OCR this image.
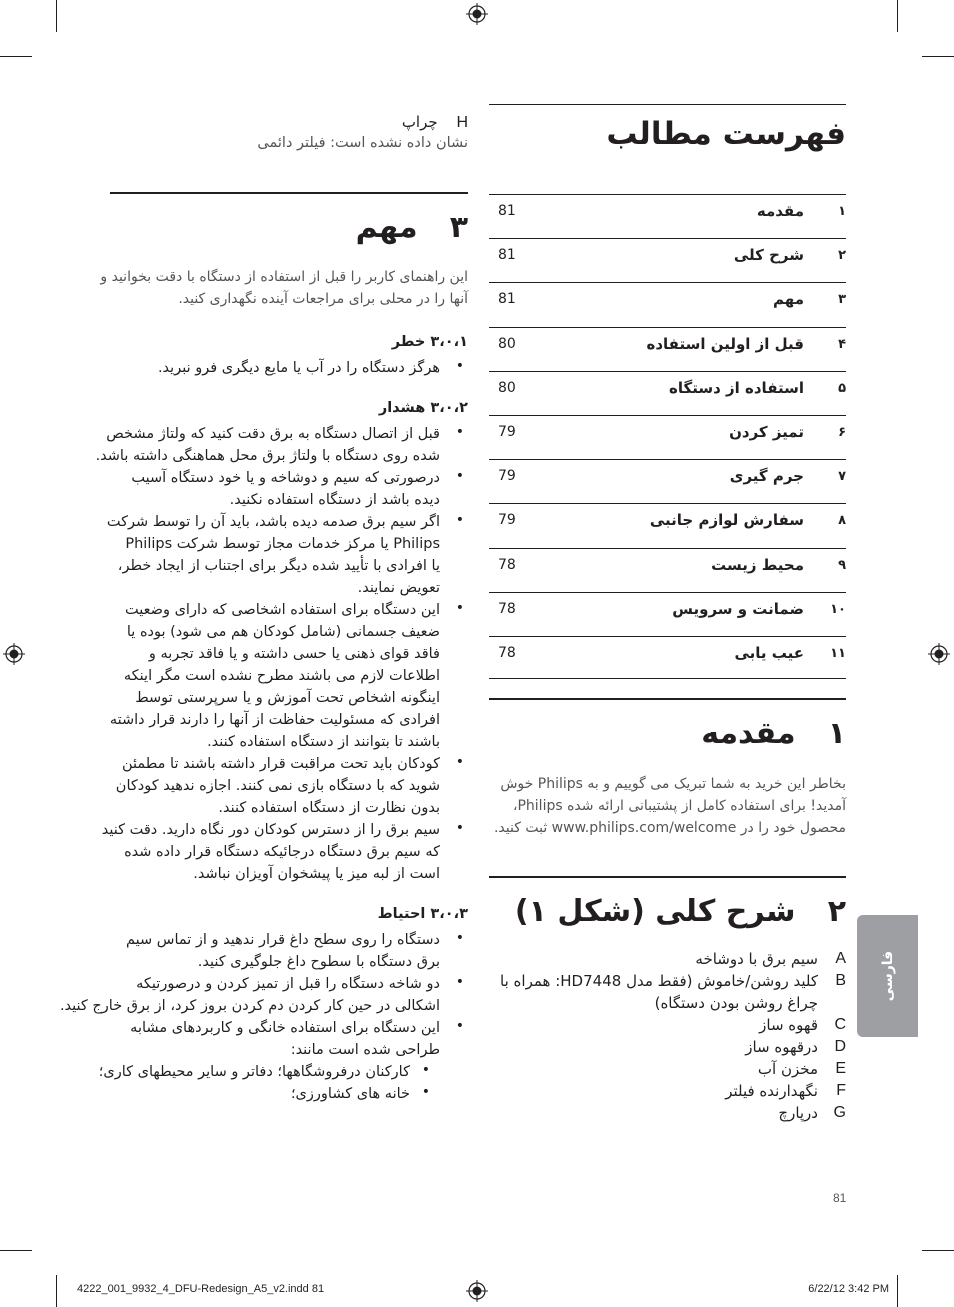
چراپ H
نشان داده نشده است: فیلتر دائمی
مهم ۳
این راهنمای کاربر را قبل از استفاده از دستگاه با دقت بخوانید و
آنها را در محلی برای مراجعات آینده نگهداری کنید.
۳،۰،۱ خطر
•
هرگز دستگاه را در آب یا مایع دیگری فرو نبرید.
۳،۰،۲ هشدار
•
قبل از اتصال دستگاه به برق دقت کنید که ولتاژ مشخص
شده روی دستگاه با ولتاژ برق محل هماهنگی داشته باشد.
•
درصورتی که سیم و دوشاخه و یا خود دستگاه آسیب
دیده باشد از دستگاه استفاده نکنید.
•
اگر سیم برق صدمه دیده باشد، باید آن را توسط شرکت
Philips یا مرکز خدمات مجاز توسط شرکت Philips
یا افرادی با تأیید شده دیگر برای اجتناب از ایجاد خطر،
تعویض نمایند.
•
این دستگاه برای استفاده اشخاصی که دارای وضعیت
ضعیف جسمانی (شامل کودکان هم می شود) بوده یا
فاقد قوای ذهنی یا حسی داشته و یا فاقد تجربه و
اطلاعات لازم می باشند مطرح نشده است مگر اینکه
اینگونه اشخاص تحت آموزش و یا سرپرستی توسط
افرادی که مسئولیت حفاظت از آنها را دارند قرار داشته
باشند تا بتوانند از دستگاه استفاده کنند.
•
کودکان باید تحت مراقبت قرار داشته باشند تا مطمئن
شوید که با دستگاه بازی نمی کنند. اجازه ندهید کودکان
بدون نظارت از دستگاه استفاده کنند.
•
سیم برق را از دسترس کودکان دور نگاه دارید. دقت کنید
که سیم برق دستگاه درجائیکه دستگاه قرار داده شده
است از لبه میز یا پیشخوان آویزان نباشد.
۳،۰،۳ احتیاط
•
دستگاه را روی سطح داغ قرار ندهید و از تماس سیم
برق دستگاه با سطوح داغ جلوگیری کنید.
•
دو شاخه دستگاه را قبل از تمیز کردن و درصورتیکه
اشکالی در حین کار کردن دم کردن بروز کرد، از برق خارج کنید.
•
این دستگاه برای استفاده خانگی و کاربردهای مشابه
طراحی شده است مانند:
•
کارکنان درفروشگاهها؛ دفاتر و سایر محیطهای کاری؛
•
خانه های کشاورزی؛
فهرست مطالب
۱
مقدمه
81
۲
شرح کلی
81
۳
مهم
81
۴
قبل از اولین استفاده
80
۵
استفاده از دستگاه
80
۶
تمیز کردن
79
۷
جرم گیری
79
۸
سفارش لوازم جانبی
79
۹
محیط زیست
78
۱۰
ضمانت و سرویس
78
۱۱
عیب یابی
78
مقدمه ۱
بخاطر این خرید به شما تبریک می گوییم و به Philips خوش
آمدید! برای استفاده کامل از پشتیبانی ارائه شده Philips،
محصول خود را در www.philips.com/welcome ثبت کنید.
شرح کلی (شکل ۱) ۲
A
سیم برق با دوشاخه
B
کلید روشن/خاموش (فقط مدل HD7448: همراه با
چراغ روشن بودن دستگاه)
C
قهوه ساز
D
درقهوه ساز
E
مخزن آب
F
نگهدارنده فیلتر
G
درپارچ
فارسی
81
4222_001_9932_4_DFU-Redesign_A5_v2.indd 81	6/22/12 3:42 PM
